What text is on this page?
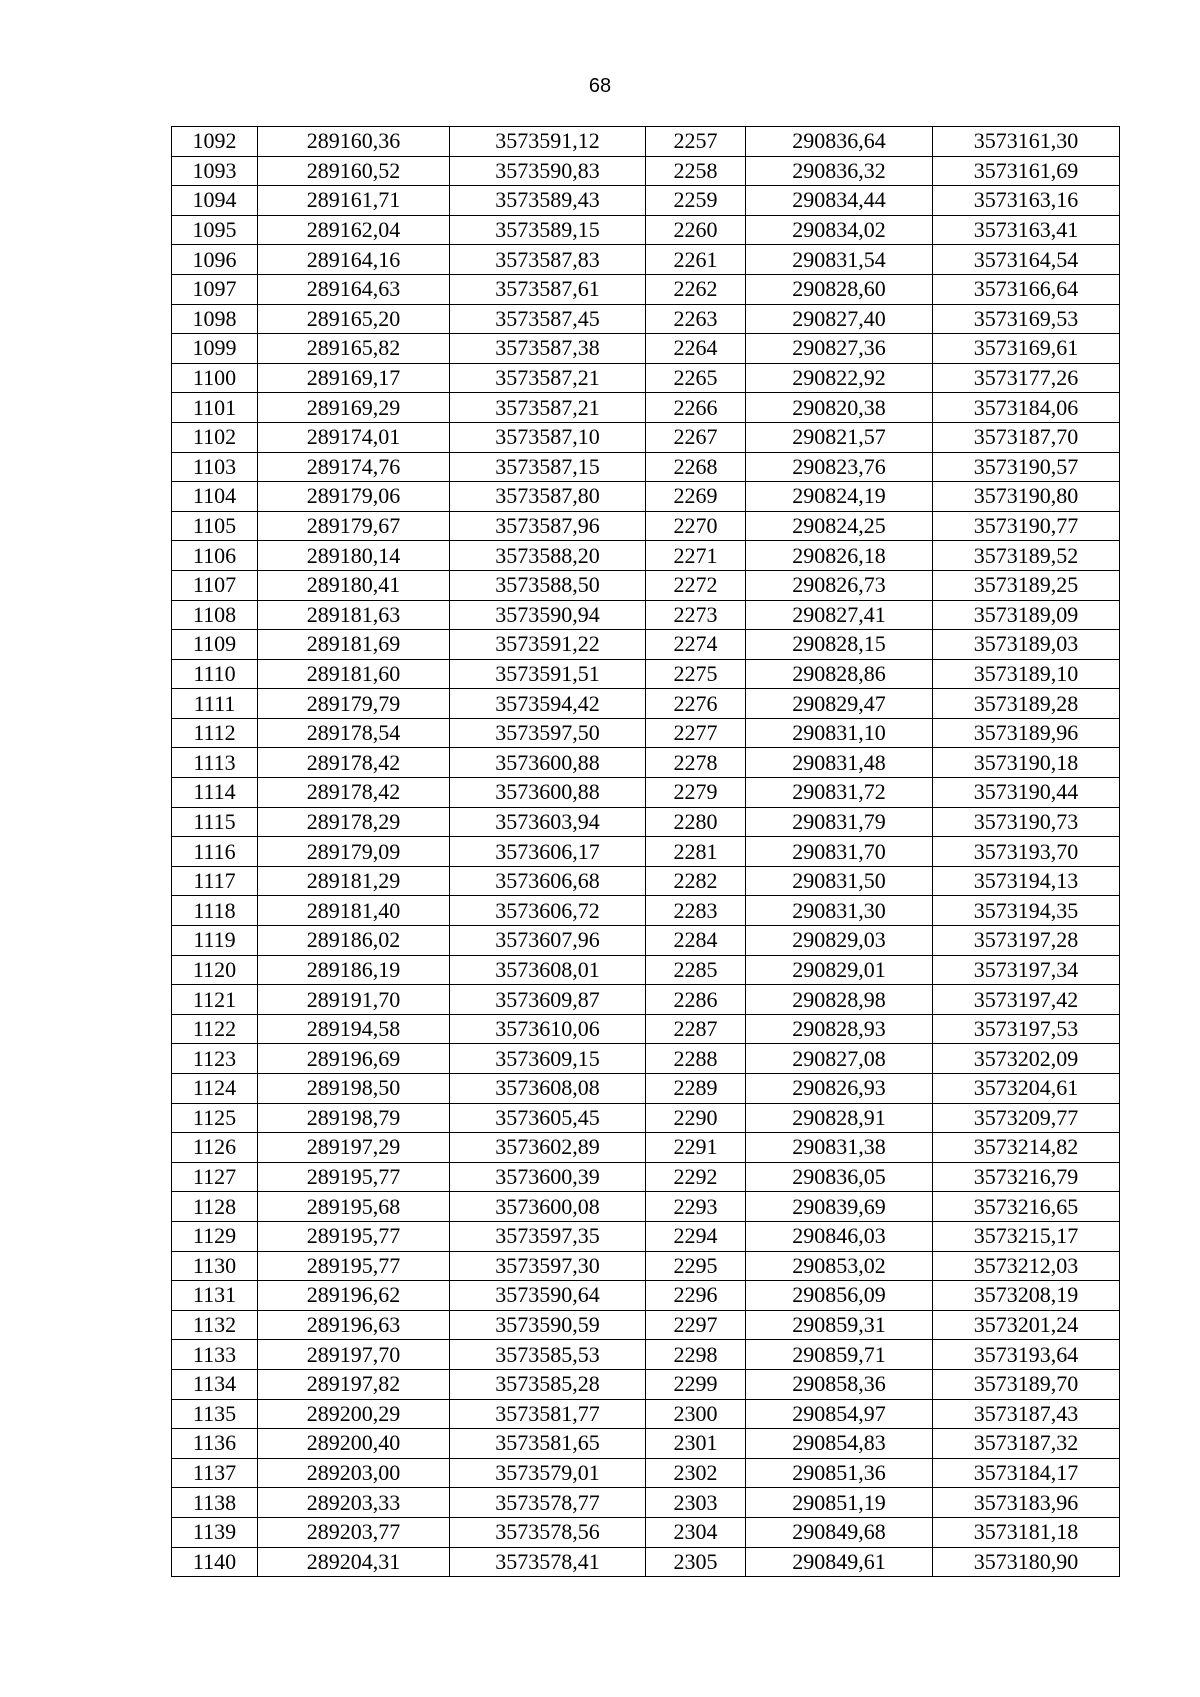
68
1092	289160,36	3573591,12	2257	290836,64	3573161,30
1093	289160,52	3573590,83	2258	290836,32	3573161,69
1094	289161,71	3573589,43	2259	290834,44	3573163,16
1095	289162,04	3573589,15	2260	290834,02	3573163,41
1096	289164,16	3573587,83	2261	290831,54	3573164,54
1097	289164,63	3573587,61	2262	290828,60	3573166,64
1098	289165,20	3573587,45	2263	290827,40	3573169,53
1099	289165,82	3573587,38	2264	290827,36	3573169,61
1100	289169,17	3573587,21	2265	290822,92	3573177,26
1101	289169,29	3573587,21	2266	290820,38	3573184,06
1102	289174,01	3573587,10	2267	290821,57	3573187,70
1103	289174,76	3573587,15	2268	290823,76	3573190,57
1104	289179,06	3573587,80	2269	290824,19	3573190,80
1105	289179,67	3573587,96	2270	290824,25	3573190,77
1106	289180,14	3573588,20	2271	290826,18	3573189,52
1107	289180,41	3573588,50	2272	290826,73	3573189,25
1108	289181,63	3573590,94	2273	290827,41	3573189,09
1109	289181,69	3573591,22	2274	290828,15	3573189,03
1110	289181,60	3573591,51	2275	290828,86	3573189,10
1111	289179,79	3573594,42	2276	290829,47	3573189,28
1112	289178,54	3573597,50	2277	290831,10	3573189,96
1113	289178,42	3573600,88	2278	290831,48	3573190,18
1114	289178,42	3573600,88	2279	290831,72	3573190,44
1115	289178,29	3573603,94	2280	290831,79	3573190,73
1116	289179,09	3573606,17	2281	290831,70	3573193,70
1117	289181,29	3573606,68	2282	290831,50	3573194,13
1118	289181,40	3573606,72	2283	290831,30	3573194,35
1119	289186,02	3573607,96	2284	290829,03	3573197,28
1120	289186,19	3573608,01	2285	290829,01	3573197,34
1121	289191,70	3573609,87	2286	290828,98	3573197,42
1122	289194,58	3573610,06	2287	290828,93	3573197,53
1123	289196,69	3573609,15	2288	290827,08	3573202,09
1124	289198,50	3573608,08	2289	290826,93	3573204,61
1125	289198,79	3573605,45	2290	290828,91	3573209,77
1126	289197,29	3573602,89	2291	290831,38	3573214,82
1127	289195,77	3573600,39	2292	290836,05	3573216,79
1128	289195,68	3573600,08	2293	290839,69	3573216,65
1129	289195,77	3573597,35	2294	290846,03	3573215,17
1130	289195,77	3573597,30	2295	290853,02	3573212,03
1131	289196,62	3573590,64	2296	290856,09	3573208,19
1132	289196,63	3573590,59	2297	290859,31	3573201,24
1133	289197,70	3573585,53	2298	290859,71	3573193,64
1134	289197,82	3573585,28	2299	290858,36	3573189,70
1135	289200,29	3573581,77	2300	290854,97	3573187,43
1136	289200,40	3573581,65	2301	290854,83	3573187,32
1137	289203,00	3573579,01	2302	290851,36	3573184,17
1138	289203,33	3573578,77	2303	290851,19	3573183,96
1139	289203,77	3573578,56	2304	290849,68	3573181,18
1140	289204,31	3573578,41	2305	290849,61	3573180,90
